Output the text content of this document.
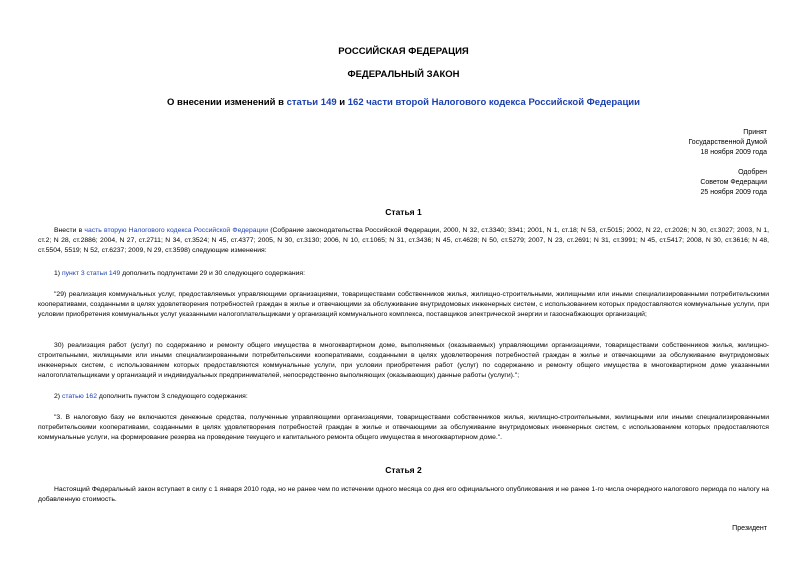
РОССИЙСКАЯ ФЕДЕРАЦИЯ
ФЕДЕРАЛЬНЫЙ ЗАКОН
О внесении изменений в статьи 149 и 162 части второй Налогового кодекса Российской Федерации
Принят
Государственной Думой
18 ноября 2009 года
Одобрен
Советом Федерации
25 ноября 2009 года
Статья 1
Внести в часть вторую Налогового кодекса Российской Федерации (Собрание законодательства Российской Федерации, 2000, N 32, ст.3340; 3341; 2001, N 1, ст.18; N 53, ст.5015; 2002, N 22, ст.2026; N 30, ст.3027; 2003, N 1, ст.2; N 28, ст.2886; 2004, N 27, ст.2711; N 34, ст.3524; N 45, ст.4377; 2005, N 30, ст.3130; 2006, N 10, ст.1065; N 31, ст.3436; N 45, ст.4628; N 50, ст.5279; 2007, N 23, ст.2691; N 31, ст.3991; N 45, ст.5417; 2008, N 30, ст.3616; N 48, ст.5504, 5519; N 52, ст.6237; 2009, N 29, ст.3598) следующие изменения:
1) пункт 3 статьи 149 дополнить подпунктами 29 и 30 следующего содержания:
"29) реализация коммунальных услуг, предоставляемых управляющими организациями, товариществами собственников жилья, жилищно-строительными, жилищными или иными специализированными потребительскими кооперативами, созданными в целях удовлетворения потребностей граждан в жилье и отвечающими за обслуживание внутридомовых инженерных систем, с использованием которых предоставляются коммунальные услуги, при условии приобретения коммунальных услуг указанными налогоплательщиками у организаций коммунального комплекса, поставщиков электрической энергии и газоснабжающих организаций;
30) реализация работ (услуг) по содержанию и ремонту общего имущества в многоквартирном доме, выполняемых (оказываемых) управляющими организациями, товариществами собственников жилья, жилищно-строительными, жилищными или иными специализированными потребительскими кооперативами, созданными в целях удовлетворения потребностей граждан в жилье и отвечающими за обслуживание внутридомовых инженерных систем, с использованием которых предоставляются коммунальные услуги, при условии приобретения работ (услуг) по содержанию и ремонту общего имущества в многоквартирном доме указанными налогоплательщиками у организаций и индивидуальных предпринимателей, непосредственно выполняющих (оказывающих) данные работы (услуги).";
2) статью 162 дополнить пунктом 3 следующего содержания:
"3. В налоговую базу не включаются денежные средства, полученные управляющими организациями, товариществами собственников жилья, жилищно-строительными, жилищными или иными специализированными потребительскими кооперативами, созданными в целях удовлетворения потребностей граждан в жилье и отвечающими за обслуживание внутридомовых инженерных систем, с использованием которых предоставляются коммунальные услуги, на формирование резерва на проведение текущего и капитального ремонта общего имущества в многоквартирном доме.".
Статья 2
Настоящий Федеральный закон вступает в силу с 1 января 2010 года, но не ранее чем по истечении одного месяца со дня его официального опубликования и не ранее 1-го числа очередного налогового периода по налогу на добавленную стоимость.
Президент
